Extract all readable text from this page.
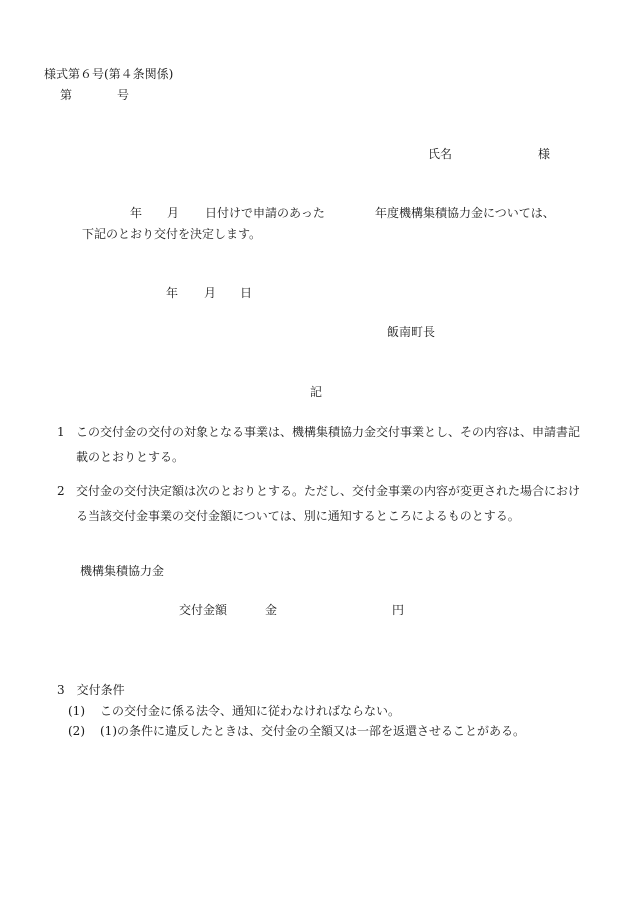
様式第６号(第４条関係)
第	号
氏名	様
年 月 日付けで申請のあった	年度機構集積協力金については、
下記のとおり交付を決定します。
年 月 日
飯南町長
記
1 この交付金の交付の対象となる事業は、機構集積協力金交付事業とし、その内容は、申請書記
載のとおりとする。
2 交付金の交付決定額は次のとおりとする。ただし、交付金事業の内容が変更された場合におけ
る当該交付金事業の交付金額については、別に通知するところによるものとする。
機構集積協力金
交付金額	金	円
3　交付条件
(1) この交付金に係る法令、通知に従わなければならない。
(2) (1)の条件に違反したときは、交付金の全額又は一部を返還させることがある。
